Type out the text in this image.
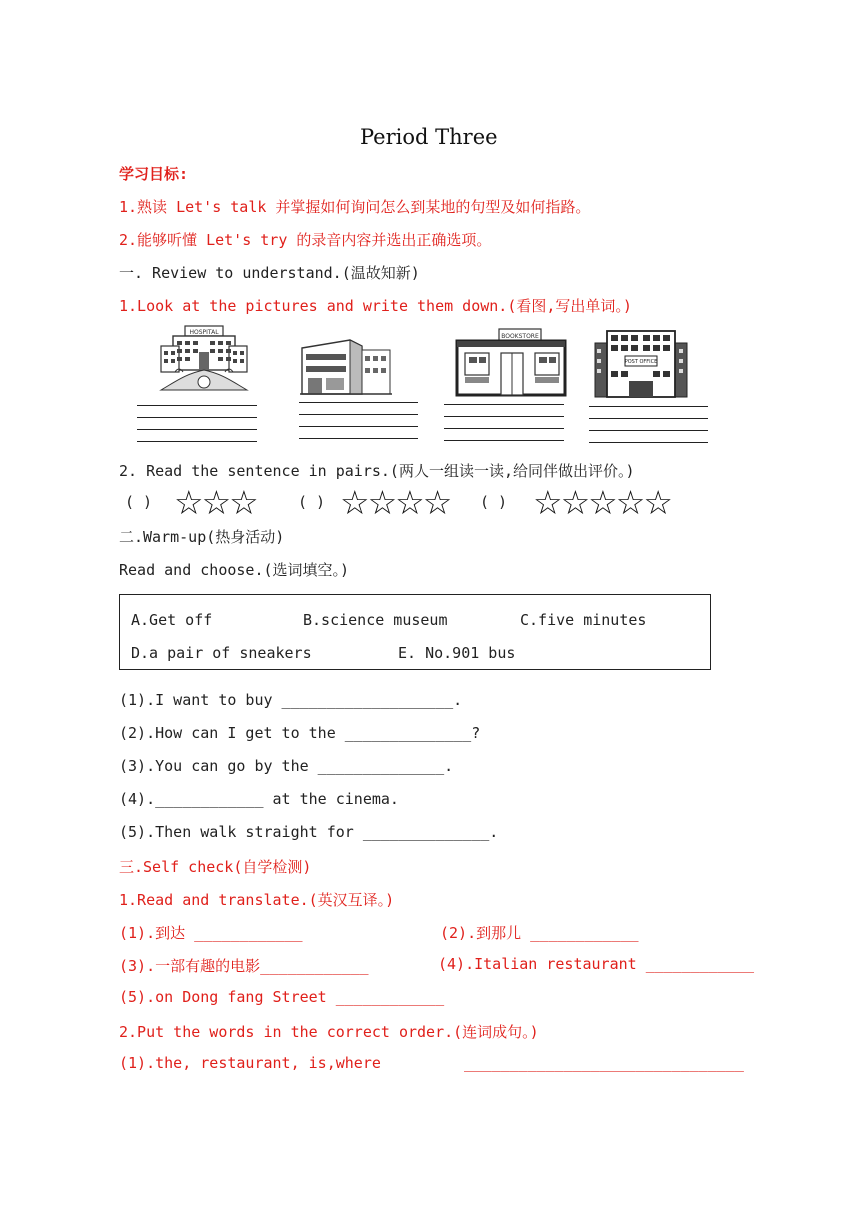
Period Three
学习目标:
1.熟读 Let's talk 并掌握如何询问怎么到某地的句型及如何指路。
2.能够听懂 Let's try 的录音内容并选出正确选项。
一. Review to understand.(温故知新)
1.Look at the pictures and write them down.(看图,写出单词。)
HOSPITAL
BOOKSTORE
POST OFFICE
2. Read the sentence in pairs.(两人一组读一读,给同伴做出评价。)
( ) ☆☆☆	( ) ☆☆☆☆ ( ) ☆☆☆☆☆
二.Warm-up(热身活动)
Read and choose.(选词填空。)
A.Get off	B.science museum	C.five minutes
D.a pair of sneakers	E. No.901 bus
(1).I want to buy ___________________.
(2).How can I get to the ______________?
(3).You can go by the ______________.
(4).____________ at the cinema.
(5).Then walk straight for ______________.
三.Self check(自学检测)
1.Read and translate.(英汉互译。)
(1).到达 ____________	(2).到那儿 ____________
(3).一部有趣的电影____________	(4).Italian restaurant ____________
(5).on Dong fang Street ____________
2.Put the words in the correct order.(连词成句。)
(1).the, restaurant, is,where	_______________________________
